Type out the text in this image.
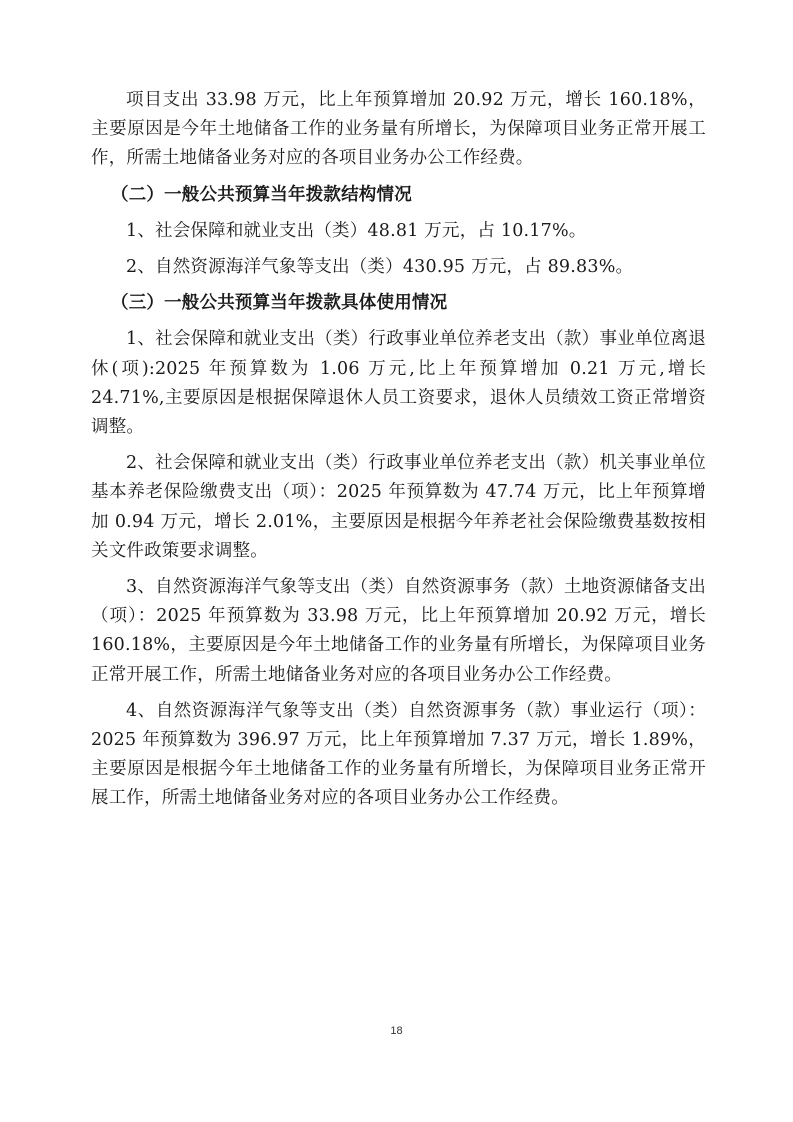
项目支出 33.98 万元，比上年预算增加 20.92 万元，增长 160.18%，主要原因是今年土地储备工作的业务量有所增长，为保障项目业务正常开展工作，所需土地储备业务对应的各项目业务办公工作经费。

（二）一般公共预算当年拨款结构情况

1、社会保障和就业支出（类）48.81 万元，占 10.17%。

2、自然资源海洋气象等支出（类）430.95 万元，占 89.83%。

（三）一般公共预算当年拨款具体使用情况

1、社会保障和就业支出（类）行政事业单位养老支出（款）事业单位离退休(项):2025 年预算数为 1.06 万元,比上年预算增加 0.21 万元,增长 24.71%,主要原因是根据保障退休人员工资要求，退休人员绩效工资正常增资调整。

2、社会保障和就业支出（类）行政事业单位养老支出（款）机关事业单位基本养老保险缴费支出（项）：2025 年预算数为 47.74 万元，比上年预算增加 0.94 万元，增长 2.01%，主要原因是根据今年养老社会保险缴费基数按相关文件政策要求调整。

3、自然资源海洋气象等支出（类）自然资源事务（款）土地资源储备支出（项）：2025 年预算数为 33.98 万元，比上年预算增加 20.92 万元，增长 160.18%，主要原因是今年土地储备工作的业务量有所增长，为保障项目业务正常开展工作，所需土地储备业务对应的各项目业务办公工作经费。

4、自然资源海洋气象等支出（类）自然资源事务（款）事业运行（项）：2025 年预算数为 396.97 万元，比上年预算增加 7.37 万元，增长 1.89%，主要原因是根据今年土地储备工作的业务量有所增长，为保障项目业务正常开展工作，所需土地储备业务对应的各项目业务办公工作经费。

18
